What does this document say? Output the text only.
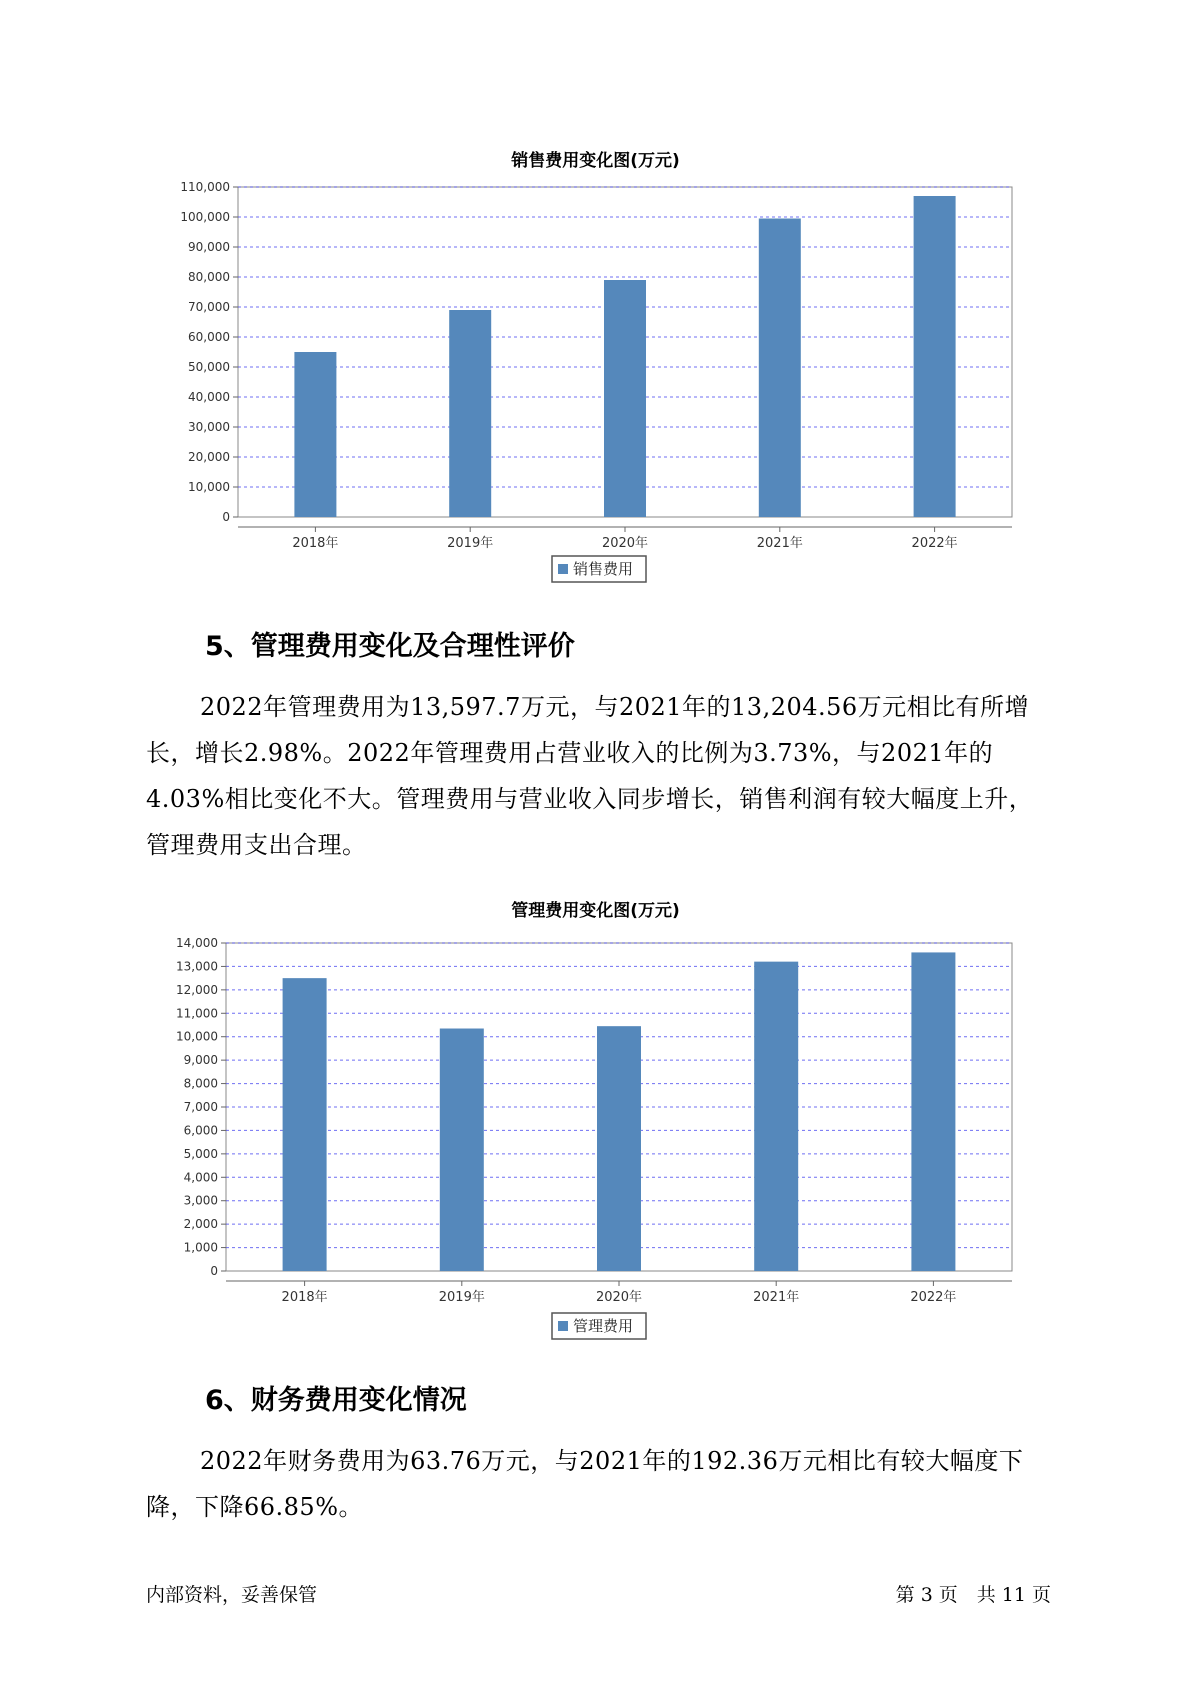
销售费用变化图(万元)
0
10,000
20,000
30,000
40,000
50,000
60,000
70,000
80,000
90,000
100,000
110,000
2018年	2019年	2020年	2021年	2022年
销售费用
5、管理费用变化及合理性评价
2022年管理费用为13,597.7万元，与2021年的13,204.56万元相比有所增长，增长2.98%。2022年管理费用占营业收入的比例为3.73%，与2021年的4.03%相比变化不大。管理费用与营业收入同步增长，销售利润有较大幅度上升，管理费用支出合理。
管理费用变化图(万元)
0
1,000
2,000
3,000
4,000
5,000
6,000
7,000
8,000
9,000
10,000
11,000
12,000
13,000
14,000
2018年	2019年	2020年	2021年	2022年
管理费用
6、财务费用变化情况
2022年财务费用为63.76万元，与2021年的192.36万元相比有较大幅度下降，下降66.85%。
内部资料，妥善保管	第 3 页　共 11 页
